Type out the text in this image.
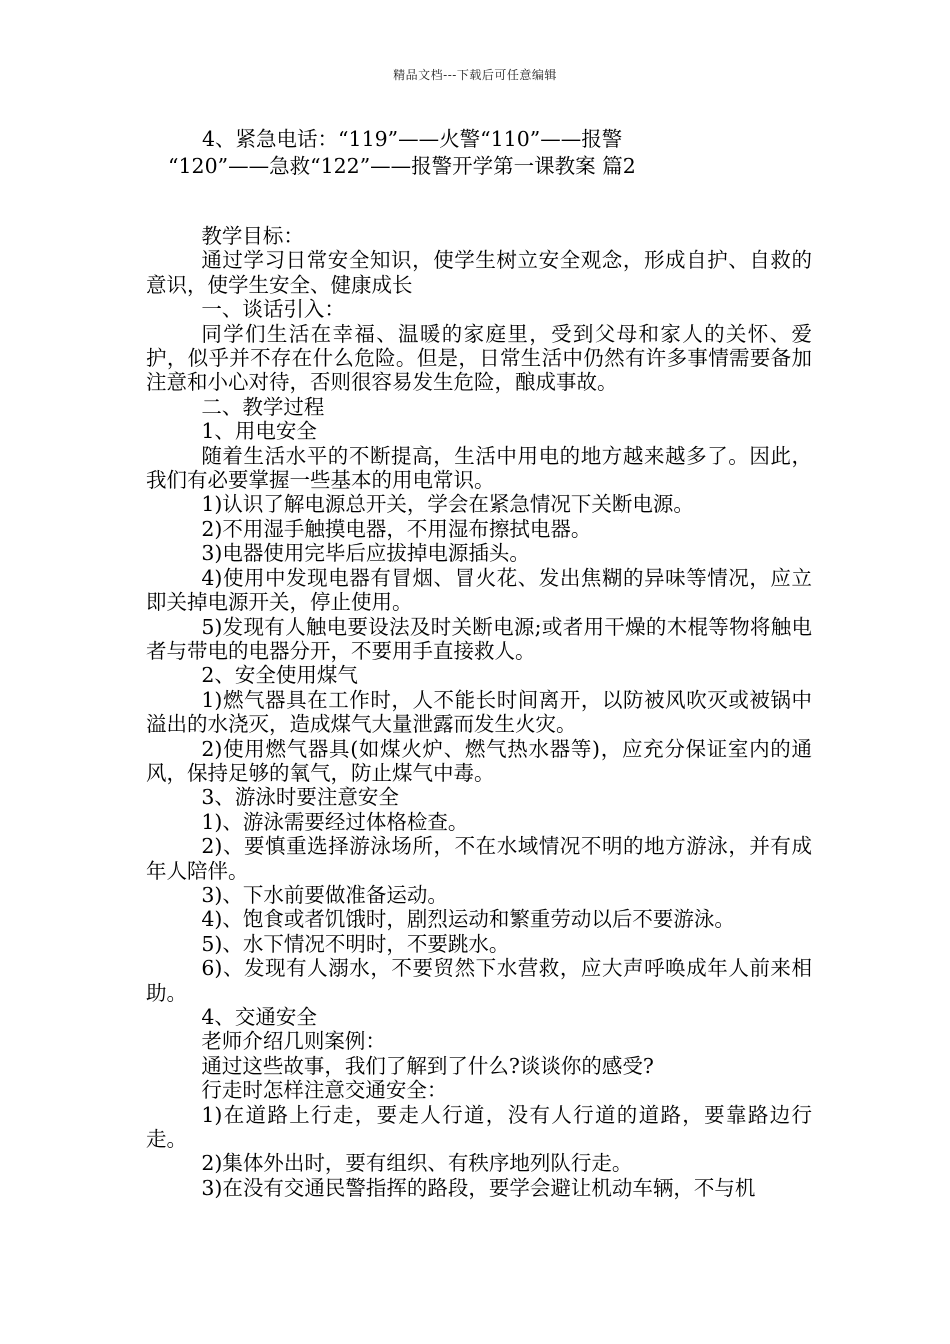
精品文档---下载后可任意编辑

4、紧急电话：“119”——火警“110”——报警

“120”——急救“122”——报警开学第一课教案 篇2

教学目标：

通过学习日常安全知识，使学生树立安全观念，形成自护、自救的意识，使学生安全、健康成长

一、谈话引入：

同学们生活在幸福、温暖的家庭里，受到父母和家人的关怀、爱护，似乎并不存在什么危险。但是，日常生活中仍然有许多事情需要备加注意和小心对待，否则很容易发生危险，酿成事故。

二、教学过程

1、用电安全

随着生活水平的不断提高，生活中用电的地方越来越多了。因此，我们有必要掌握一些基本的用电常识。

1)认识了解电源总开关，学会在紧急情况下关断电源。

2)不用湿手触摸电器，不用湿布擦拭电器。

3)电器使用完毕后应拔掉电源插头。

4)使用中发现电器有冒烟、冒火花、发出焦糊的异味等情况，应立即关掉电源开关，停止使用。

5)发现有人触电要设法及时关断电源;或者用干燥的木棍等物将触电者与带电的电器分开，不要用手直接救人。

2、安全使用煤气

1)燃气器具在工作时，人不能长时间离开，以防被风吹灭或被锅中溢出的水浇灭，造成煤气大量泄露而发生火灾。

2)使用燃气器具(如煤火炉、燃气热水器等)，应充分保证室内的通风，保持足够的氧气，防止煤气中毒。

3、游泳时要注意安全

1)、游泳需要经过体格检查。

2)、要慎重选择游泳场所，不在水域情况不明的地方游泳，并有成年人陪伴。

3)、下水前要做准备运动。

4)、饱食或者饥饿时，剧烈运动和繁重劳动以后不要游泳。

5)、水下情况不明时，不要跳水。

6)、发现有人溺水，不要贸然下水营救，应大声呼唤成年人前来相助。

4、交通安全

老师介绍几则案例：

通过这些故事，我们了解到了什么?谈谈你的感受?

行走时怎样注意交通安全：

1)在道路上行走，要走人行道，没有人行道的道路，要靠路边行走。

2)集体外出时，要有组织、有秩序地列队行走。

3)在没有交通民警指挥的路段，要学会避让机动车辆，不与机
